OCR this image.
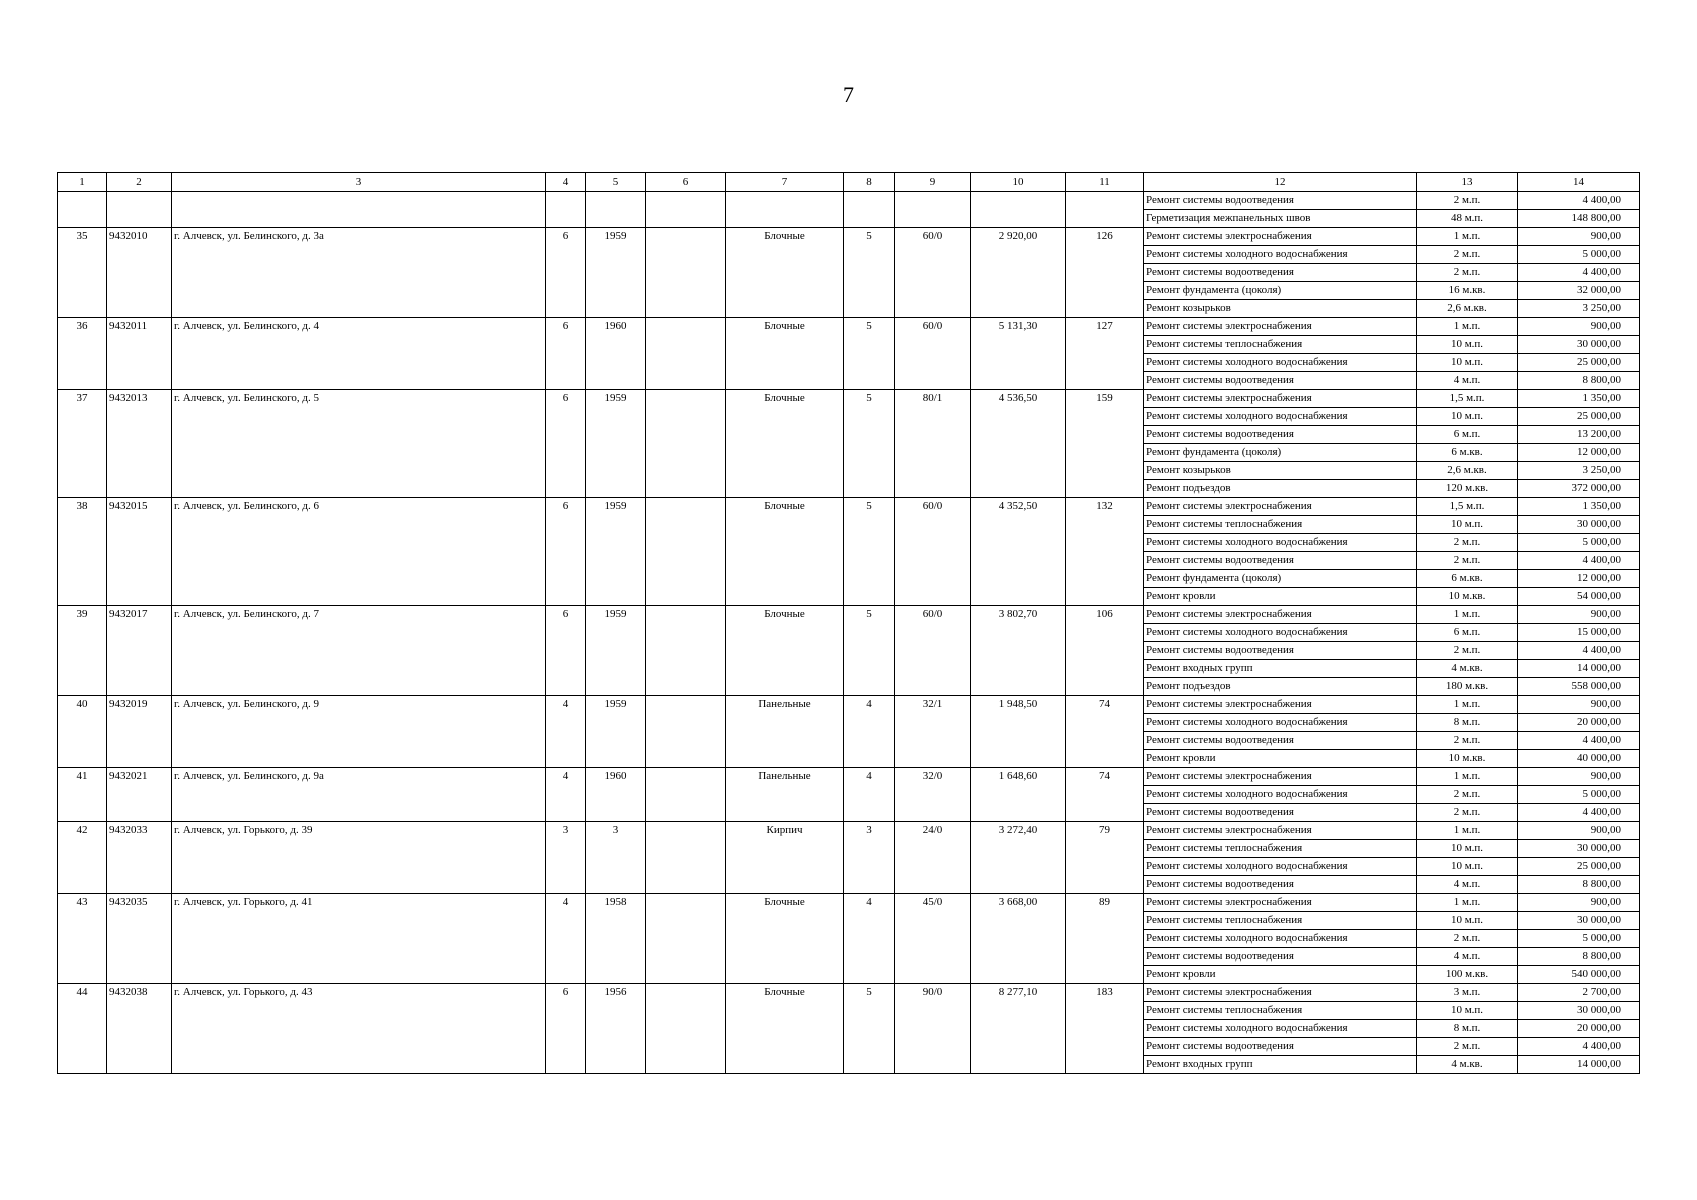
7
1	2	3	4	5	6	7	8	9	10	11	12	13	14
											Ремонт системы водоотведения	2 м.п.	4 400,00
											Герметизация межпанельных швов	48 м.п.	148 800,00
35	9432010	г. Алчевск, ул. Белинского, д. 3а	6	1959		Блочные	5	60/0	2 920,00	126	Ремонт системы электроснабжения	1 м.п.	900,00
											Ремонт системы холодного водоснабжения	2 м.п.	5 000,00
											Ремонт системы водоотведения	2 м.п.	4 400,00
											Ремонт фундамента (цоколя)	16 м.кв.	32 000,00
											Ремонт козырьков	2,6 м.кв.	3 250,00
36	9432011	г. Алчевск, ул. Белинского, д. 4	6	1960		Блочные	5	60/0	5 131,30	127	Ремонт системы электроснабжения	1 м.п.	900,00
											Ремонт системы теплоснабжения	10 м.п.	30 000,00
											Ремонт системы холодного водоснабжения	10 м.п.	25 000,00
											Ремонт системы водоотведения	4 м.п.	8 800,00
37	9432013	г. Алчевск, ул. Белинского, д. 5	6	1959		Блочные	5	80/1	4 536,50	159	Ремонт системы электроснабжения	1,5 м.п.	1 350,00
											Ремонт системы холодного водоснабжения	10 м.п.	25 000,00
											Ремонт системы водоотведения	6 м.п.	13 200,00
											Ремонт фундамента (цоколя)	6 м.кв.	12 000,00
											Ремонт козырьков	2,6 м.кв.	3 250,00
											Ремонт подъездов	120 м.кв.	372 000,00
38	9432015	г. Алчевск, ул. Белинского, д. 6	6	1959		Блочные	5	60/0	4 352,50	132	Ремонт системы электроснабжения	1,5 м.п.	1 350,00
											Ремонт системы теплоснабжения	10 м.п.	30 000,00
											Ремонт системы холодного водоснабжения	2 м.п.	5 000,00
											Ремонт системы водоотведения	2 м.п.	4 400,00
											Ремонт фундамента (цоколя)	6 м.кв.	12 000,00
											Ремонт кровли	10 м.кв.	54 000,00
39	9432017	г. Алчевск, ул. Белинского, д. 7	6	1959		Блочные	5	60/0	3 802,70	106	Ремонт системы электроснабжения	1 м.п.	900,00
											Ремонт системы холодного водоснабжения	6 м.п.	15 000,00
											Ремонт системы водоотведения	2 м.п.	4 400,00
											Ремонт входных групп	4 м.кв.	14 000,00
											Ремонт подъездов	180 м.кв.	558 000,00
40	9432019	г. Алчевск, ул. Белинского, д. 9	4	1959		Панельные	4	32/1	1 948,50	74	Ремонт системы электроснабжения	1 м.п.	900,00
											Ремонт системы холодного водоснабжения	8 м.п.	20 000,00
											Ремонт системы водоотведения	2 м.п.	4 400,00
											Ремонт кровли	10 м.кв.	40 000,00
41	9432021	г. Алчевск, ул. Белинского, д. 9а	4	1960		Панельные	4	32/0	1 648,60	74	Ремонт системы электроснабжения	1 м.п.	900,00
											Ремонт системы холодного водоснабжения	2 м.п.	5 000,00
											Ремонт системы водоотведения	2 м.п.	4 400,00
42	9432033	г. Алчевск, ул. Горького, д. 39	3	3		Кирпич	3	24/0	3 272,40	79	Ремонт системы электроснабжения	1 м.п.	900,00
											Ремонт системы теплоснабжения	10 м.п.	30 000,00
											Ремонт системы холодного водоснабжения	10 м.п.	25 000,00
											Ремонт системы водоотведения	4 м.п.	8 800,00
43	9432035	г. Алчевск, ул. Горького, д. 41	4	1958		Блочные	4	45/0	3 668,00	89	Ремонт системы электроснабжения	1 м.п.	900,00
											Ремонт системы теплоснабжения	10 м.п.	30 000,00
											Ремонт системы холодного водоснабжения	2 м.п.	5 000,00
											Ремонт системы водоотведения	4 м.п.	8 800,00
											Ремонт кровли	100 м.кв.	540 000,00
44	9432038	г. Алчевск, ул. Горького, д. 43	6	1956		Блочные	5	90/0	8 277,10	183	Ремонт системы электроснабжения	3 м.п.	2 700,00
											Ремонт системы теплоснабжения	10 м.п.	30 000,00
											Ремонт системы холодного водоснабжения	8 м.п.	20 000,00
											Ремонт системы водоотведения	2 м.п.	4 400,00
											Ремонт входных групп	4 м.кв.	14 000,00
